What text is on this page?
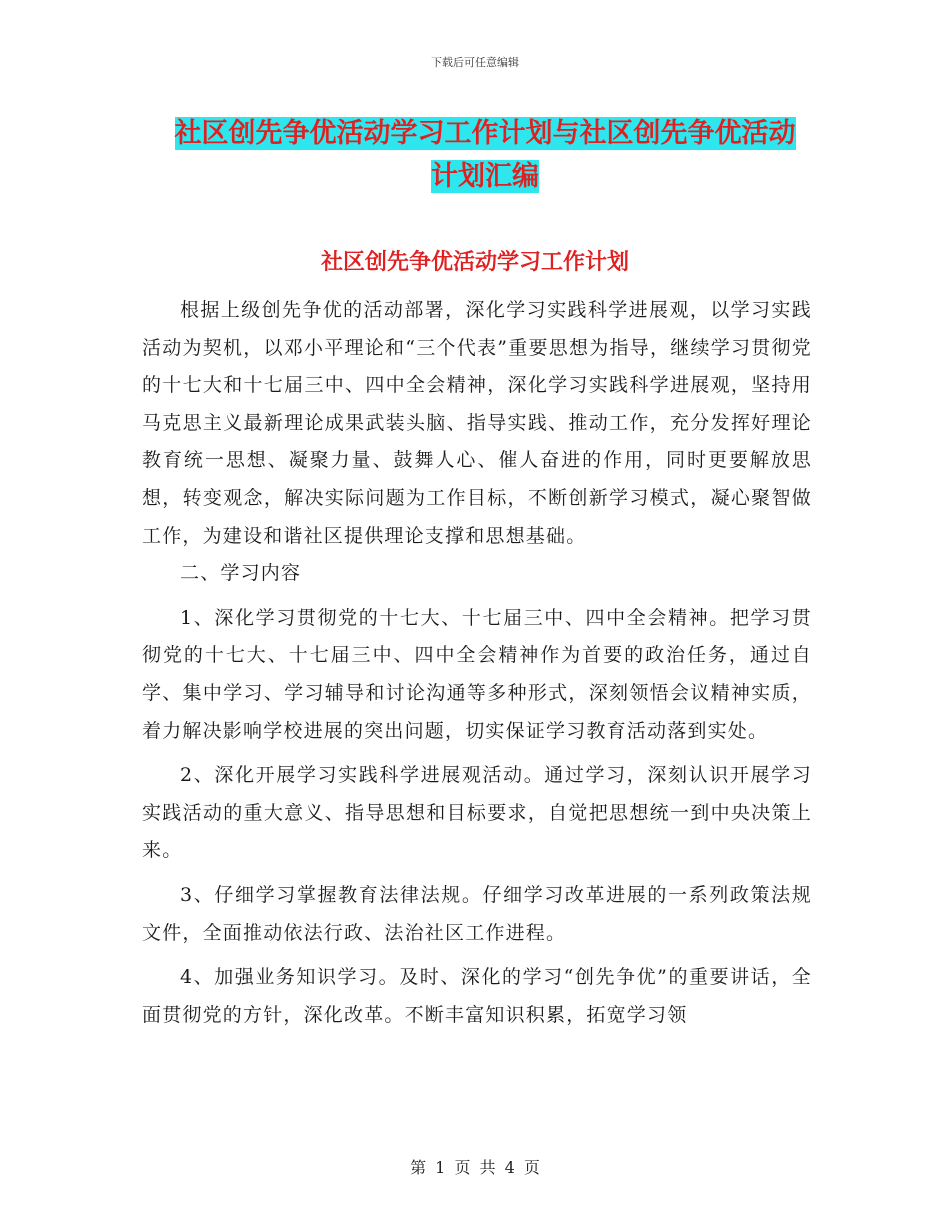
下载后可任意编辑
社区创先争优活动学习工作计划与社区创先争优活动
计划汇编
社区创先争优活动学习工作计划

根据上级创先争优的活动部署，深化学习实践科学进展观，以学习实践活动为契机，以邓小平理论和“三个代表”重要思想为指导，继续学习贯彻党的十七大和十七届三中、四中全会精神，深化学习实践科学进展观，坚持用马克思主义最新理论成果武装头脑、指导实践、推动工作，充分发挥好理论教育统一思想、凝聚力量、鼓舞人心、催人奋进的作用，同时更要解放思想，转变观念，解决实际问题为工作目标，不断创新学习模式，凝心聚智做工作，为建设和谐社区提供理论支撑和思想基础。

二、学习内容

1、深化学习贯彻党的十七大、十七届三中、四中全会精神。把学习贯彻党的十七大、十七届三中、四中全会精神作为首要的政治任务，通过自学、集中学习、学习辅导和讨论沟通等多种形式，深刻领悟会议精神实质，着力解决影响学校进展的突出问题，切实保证学习教育活动落到实处。

2、深化开展学习实践科学进展观活动。通过学习，深刻认识开展学习实践活动的重大意义、指导思想和目标要求，自觉把思想统一到中央决策上来。

3、仔细学习掌握教育法律法规。仔细学习改革进展的一系列政策法规文件，全面推动依法行政、法治社区工作进程。

4、加强业务知识学习。及时、深化的学习“创先争优”的重要讲话，全面贯彻党的方针，深化改革。不断丰富知识积累，拓宽学习领

第 1 页 共 4 页
